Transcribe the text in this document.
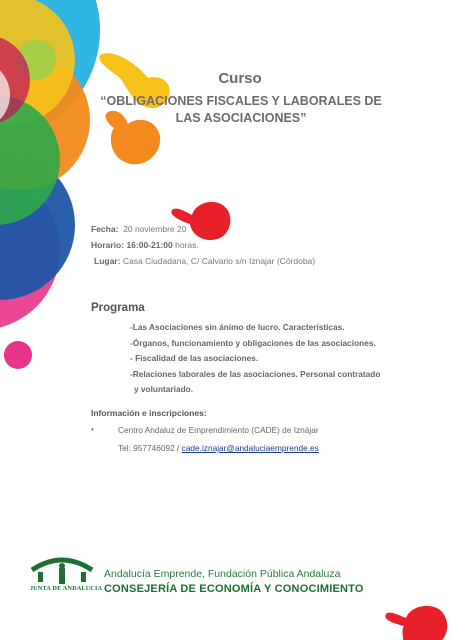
Curso
“OBLIGACIONES FISCALES Y LABORALES DE
LAS ASOCIACIONES”
Fecha: 20 noviembre 20
Horario: 16:00-21:00 horas.
Lugar: Casa Ciudadana, C/ Calvario s/n Iznajar (Córdoba)
Programa
-Las Asociaciones sin ánimo de lucro. Características.
-Órganos, funcionamiento y obligaciones de las asociaciones.
- Fiscalidad de las asociaciones.
-Relaciones laborales de las asociaciones. Personal contratado
y voluntariado.
Información e inscripciones:
•	Centro Andaluz de Emprendimiento (CADE) de Iznájar
Tel: 957746092 / cade.iznajar@andaluciaemprende.es
JUNTA DE ANDALUCIA
Andalucía Emprende, Fundación Pública Andaluza
CONSEJERÍA DE ECONOMÍA Y CONOCIMIENTO
